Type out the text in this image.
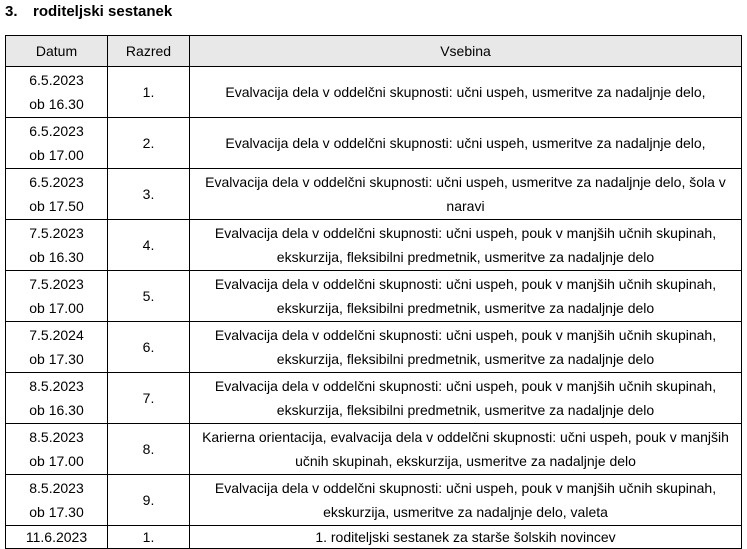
3. roditeljski sestanek
Datum	Razred	Vsebina

6.5.2023
ob 16.30	1.	Evalvacija dela v oddelčni skupnosti: učni uspeh, usmeritve za nadaljnje delo,

6.5.2023
ob 17.00	2.	Evalvacija dela v oddelčni skupnosti: učni uspeh, usmeritve za nadaljnje delo,

6.5.2023
ob 17.50	3.	Evalvacija dela v oddelčni skupnosti: učni uspeh, usmeritve za nadaljnje delo, šola v naravi

7.5.2023
ob 16.30	4.	Evalvacija dela v oddelčni skupnosti: učni uspeh, pouk v manjših učnih skupinah, ekskurzija, fleksibilni predmetnik, usmeritve za nadaljnje delo

7.5.2023
ob 17.00	5.	Evalvacija dela v oddelčni skupnosti: učni uspeh, pouk v manjših učnih skupinah, ekskurzija, fleksibilni predmetnik, usmeritve za nadaljnje delo

7.5.2024
ob 17.30	6.	Evalvacija dela v oddelčni skupnosti: učni uspeh, pouk v manjših učnih skupinah, ekskurzija, fleksibilni predmetnik, usmeritve za nadaljnje delo

8.5.2023
ob 16.30	7.	Evalvacija dela v oddelčni skupnosti: učni uspeh, pouk v manjših učnih skupinah, ekskurzija, fleksibilni predmetnik, usmeritve za nadaljnje delo

8.5.2023
ob 17.00	8.	Karierna orientacija, evalvacija dela v oddelčni skupnosti: učni uspeh, pouk v manjših učnih skupinah, ekskurzija, usmeritve za nadaljnje delo

8.5.2023
ob 17.30	9.	Evalvacija dela v oddelčni skupnosti: učni uspeh, pouk v manjših učnih skupinah, ekskurzija, usmeritve za nadaljnje delo, valeta
11.6.2023	1.	1. roditeljski sestanek za starše šolskih novincev
